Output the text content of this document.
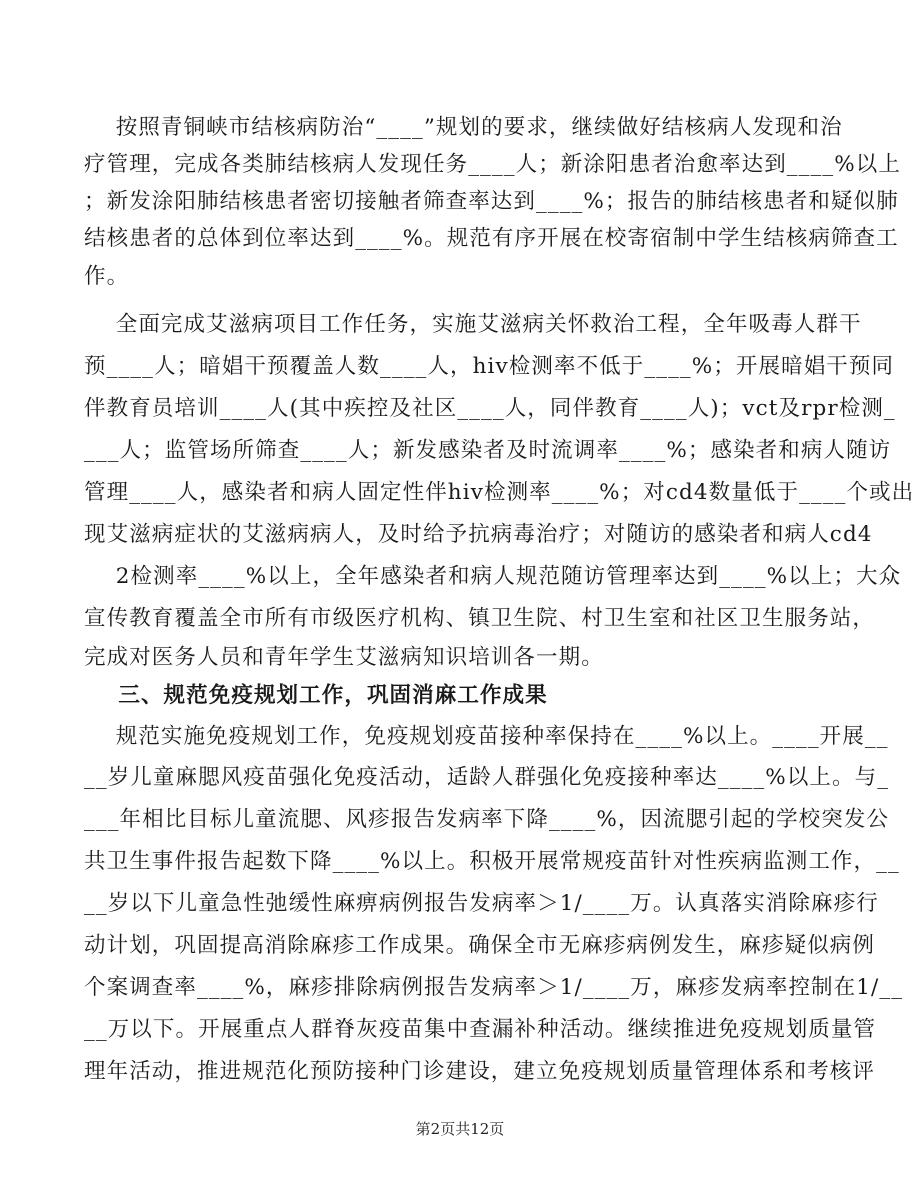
按照青铜峡市结核病防治“____”规划的要求，继续做好结核病人发现和治
疗管理，完成各类肺结核病人发现任务____人；新涂阳患者治愈率达到____%以上
；新发涂阳肺结核患者密切接触者筛查率达到____%；报告的肺结核患者和疑似肺
结核患者的总体到位率达到____%。规范有序开展在校寄宿制中学生结核病筛查工
作。
全面完成艾滋病项目工作任务，实施艾滋病关怀救治工程，全年吸毒人群干
预____人；暗娼干预覆盖人数____人，hiv检测率不低于____%；开展暗娼干预同
伴教育员培训____人(其中疾控及社区____人，同伴教育____人)；vct及rpr检测_
___人；监管场所筛查____人；新发感染者及时流调率____%；感染者和病人随访
管理____人，感染者和病人固定性伴hiv检测率____%；对cd4数量低于____个或出
现艾滋病症状的艾滋病病人，及时给予抗病毒治疗；对随访的感染者和病人cd4
2检测率____%以上，全年感染者和病人规范随访管理率达到____%以上；大众
宣传教育覆盖全市所有市级医疗机构、镇卫生院、村卫生室和社区卫生服务站，
完成对医务人员和青年学生艾滋病知识培训各一期。
三、规范免疫规划工作，巩固消麻工作成果
规范实施免疫规划工作，免疫规划疫苗接种率保持在____%以上。____开展__
__岁儿童麻腮风疫苗强化免疫活动，适龄人群强化免疫接种率达____%以上。与_
___年相比目标儿童流腮、风疹报告发病率下降____%，因流腮引起的学校突发公
共卫生事件报告起数下降____%以上。积极开展常规疫苗针对性疾病监测工作，__
__岁以下儿童急性弛缓性麻痹病例报告发病率＞1/____万。认真落实消除麻疹行
动计划，巩固提高消除麻疹工作成果。确保全市无麻疹病例发生，麻疹疑似病例
个案调查率____%，麻疹排除病例报告发病率＞1/____万，麻疹发病率控制在1/__
__万以下。开展重点人群脊灰疫苗集中查漏补种活动。继续推进免疫规划质量管
理年活动，推进规范化预防接种门诊建设，建立免疫规划质量管理体系和考核评
第2页共12页
